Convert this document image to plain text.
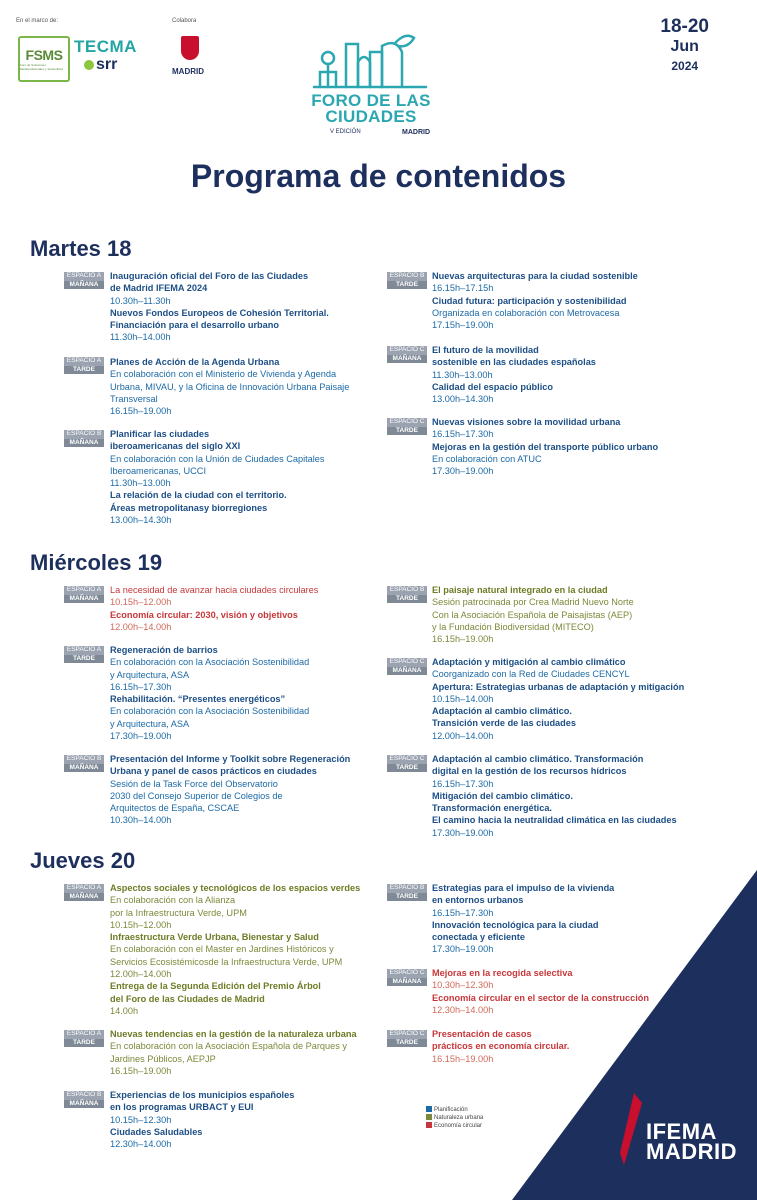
En el marco de:
FSMS
Foro de Soluciones Medioambientales y Sostenibles
TECMA
srr
Colabora
MADRID
FORO DE LAS
CIUDADES
V EDICIÓN	MADRID
18-20
Jun
2024
Programa de contenidos
Martes 18
ESPACIO A
MAÑANA
Inauguración oficial del Foro de las Ciudades
de Madrid IFEMA 2024
10.30h–11.30h
Nuevos Fondos Europeos de Cohesión Territorial.
Financiación para el desarrollo urbano
11.30h–14.00h
ESPACIO A
TARDE
Planes de Acción de la Agenda Urbana
En colaboración con el Ministerio de Vivienda y Agenda
Urbana, MIVAU, y la Oficina de Innovación Urbana Paisaje
Transversal
16.15h–19.00h
ESPACIO B
MAÑANA
Planificar las ciudades
iberoamericanas del siglo XXI
En colaboración con la Unión de Ciudades Capitales
Iberoamericanas, UCCI
11.30h–13.00h
La relación de la ciudad con el territorio.
Áreas metropolitanasy biorregiones
13.00h–14.30h
ESPACIO B
TARDE
Nuevas arquitecturas para la ciudad sostenible
16.15h–17.15h
Ciudad futura: participación y sostenibilidad
Organizada en colaboración con Metrovacesa
17.15h–19.00h
ESPACIO C
MAÑANA
El futuro de la movilidad
sostenible en las ciudades españolas
11.30h–13.00h
Calidad del espacio público
13.00h–14.30h
ESPACIO C
TARDE
Nuevas visiones sobre la movilidad urbana
16.15h–17.30h
Mejoras en la gestión del transporte público urbano
En colaboración con ATUC
17.30h–19.00h
Miércoles 19
ESPACIO A
MAÑANA
La necesidad de avanzar hacia ciudades circulares
10.15h–12.00h
Economía circular: 2030, visión y objetivos
12.00h–14.00h
ESPACIO A
TARDE
Regeneración de barrios
En colaboración con la Asociación Sostenibilidad
y Arquitectura, ASA
16.15h–17.30h
Rehabilitación. “Presentes energéticos”
En colaboración con la Asociación Sostenibilidad
y Arquitectura, ASA
17.30h–19.00h
ESPACIO B
MAÑANA
Presentación del Informe y Toolkit sobre Regeneración
Urbana y panel de casos prácticos en ciudades
Sesión de la Task Force del Observatorio
2030 del Consejo Superior de Colegios de
Arquitectos de España, CSCAE
10.30h–14.00h
ESPACIO B
TARDE
El paisaje natural integrado en la ciudad
Sesión patrocinada por Crea Madrid Nuevo Norte
Con la Asociación Española de Paisajistas (AEP)
y la Fundación Biodiversidad (MITECO)
16.15h–19.00h
ESPACIO C
MAÑANA
Adaptación y mitigación al cambio climático
Coorganizado con la Red de Ciudades CENCYL
Apertura: Estrategias urbanas de adaptación y mitigación
10.15h–14.00h
Adaptación al cambio climático.
Transición verde de las ciudades
12.00h–14.00h
ESPACIO C
TARDE
Adaptación al cambio climático. Transformación
digital en la gestión de los recursos hídricos
16.15h–17.30h
Mitigación del cambio climático.
Transformación energética.
El camino hacia la neutralidad climática en las ciudades
17.30h–19.00h
Jueves 20
ESPACIO A
MAÑANA
Aspectos sociales y tecnológicos de los espacios verdes
En colaboración con la Alianza
por la Infraestructura Verde, UPM
10.15h–12.00h
Infraestructura Verde Urbana, Bienestar y Salud
En colaboración con el Master en Jardines Históricos y
Servicios Ecosistémicosde la Infraestructura Verde, UPM
12.00h–14.00h
Entrega de la Segunda Edición del Premio Árbol
del Foro de las Ciudades de Madrid
14.00h
ESPACIO A
TARDE
Nuevas tendencias en la gestión de la naturaleza urbana
En colaboración con la Asociación Española de Parques y
Jardines Públicos, AEPJP
16.15h–19.00h
ESPACIO B
MAÑANA
Experiencias de los municipios españoles
en los programas URBACT y EUI
10.15h–12.30h
Ciudades Saludables
12.30h–14.00h
ESPACIO B
TARDE
Estrategias para el impulso de la vivienda
en entornos urbanos
16.15h–17.30h
Innovación tecnológica para la ciudad
conectada y eficiente
17.30h–19.00h
ESPACIO C
MAÑANA
Mejoras en la recogida selectiva
10.30h–12.30h
Economía circular en el sector de la construcción
12.30h–14.00h
ESPACIO C
TARDE
Presentación de casos
prácticos en economía circular.
16.15h–19.00h
Planificación
Naturaleza urbana
Economía circular	IFEMA
MADRID
